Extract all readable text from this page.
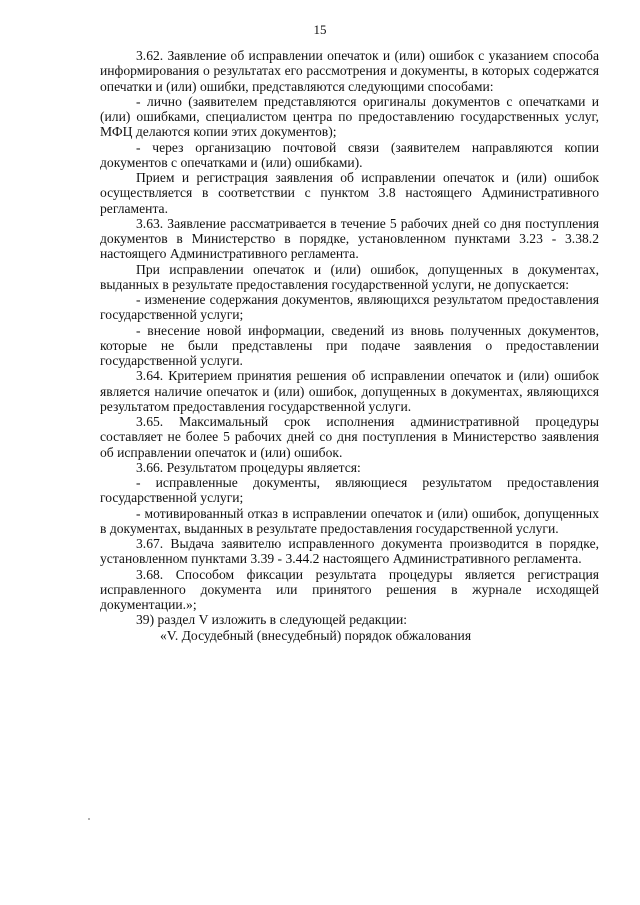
15

3.62. Заявление об исправлении опечаток и (или) ошибок с указанием способа информирования о результатах его рассмотрения и документы, в которых содержатся опечатки и (или) ошибки, представляются следующими способами:

- лично (заявителем представляются оригиналы документов с опечатками и (или) ошибками, специалистом центра по предоставлению государственных услуг, МФЦ делаются копии этих документов);

- через организацию почтовой связи (заявителем направляются копии документов с опечатками и (или) ошибками).

Прием и регистрация заявления об исправлении опечаток и (или) ошибок осуществляется в соответствии с пунктом 3.8 настоящего Административного регламента.

3.63. Заявление рассматривается в течение 5 рабочих дней со дня поступления документов в Министерство в порядке, установленном пунктами 3.23 - 3.38.2 настоящего Административного регламента.

При исправлении опечаток и (или) ошибок, допущенных в документах, выданных в результате предоставления государственной услуги, не допускается:

- изменение содержания документов, являющихся результатом предоставления государственной услуги;

- внесение новой информации, сведений из вновь полученных документов, которые не были представлены при подаче заявления о предоставлении государственной услуги.

3.64. Критерием принятия решения об исправлении опечаток и (или) ошибок является наличие опечаток и (или) ошибок, допущенных в документах, являющихся результатом предоставления государственной услуги.

3.65. Максимальный срок исполнения административной процедуры составляет не более 5 рабочих дней со дня поступления в Министерство заявления об исправлении опечаток и (или) ошибок.

3.66. Результатом процедуры является:

- исправленные документы, являющиеся результатом предоставления государственной услуги;

- мотивированный отказ в исправлении опечаток и (или) ошибок, допущенных в документах, выданных в результате предоставления государственной услуги.

3.67. Выдача заявителю исправленного документа производится в порядке, установленном пунктами 3.39 - 3.44.2 настоящего Административного регламента.

3.68. Способом фиксации результата процедуры является регистрация исправленного документа или принятого решения в журнале исходящей документации.»;

39) раздел V изложить в следующей редакции:

«V. Досудебный (внесудебный) порядок обжалования
